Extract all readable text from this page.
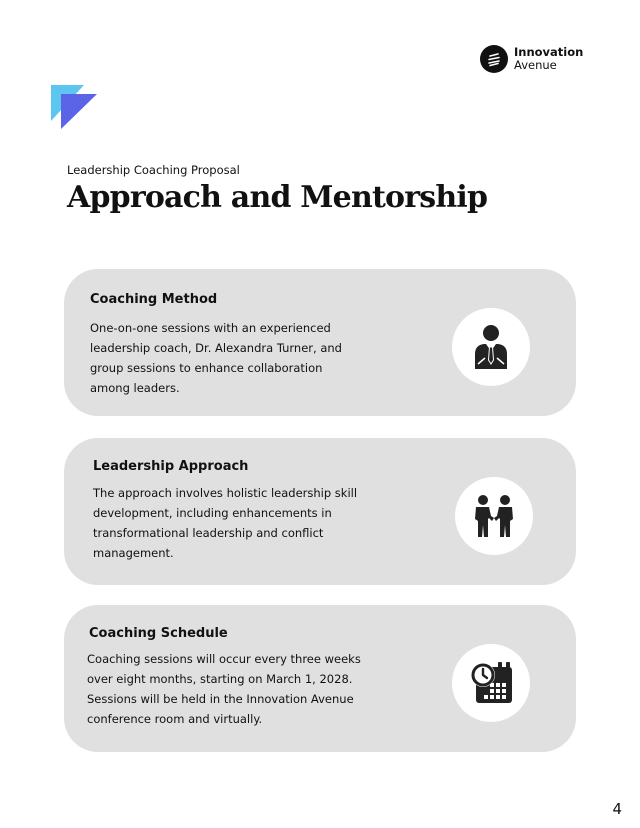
Innovation
Avenue
Leadership Coaching Proposal
Approach and Mentorship
Coaching Method

One-on-one sessions with an experienced leadership coach, Dr. Alexandra Turner, and group sessions to enhance collaboration among leaders.

Leadership Approach

The approach involves holistic leadership skill development, including enhancements in transformational leadership and conflict management.

Coaching Schedule

Coaching sessions will occur every three weeks over eight months, starting on March 1, 2028. Sessions will be held in the Innovation Avenue conference room and virtually.

4
